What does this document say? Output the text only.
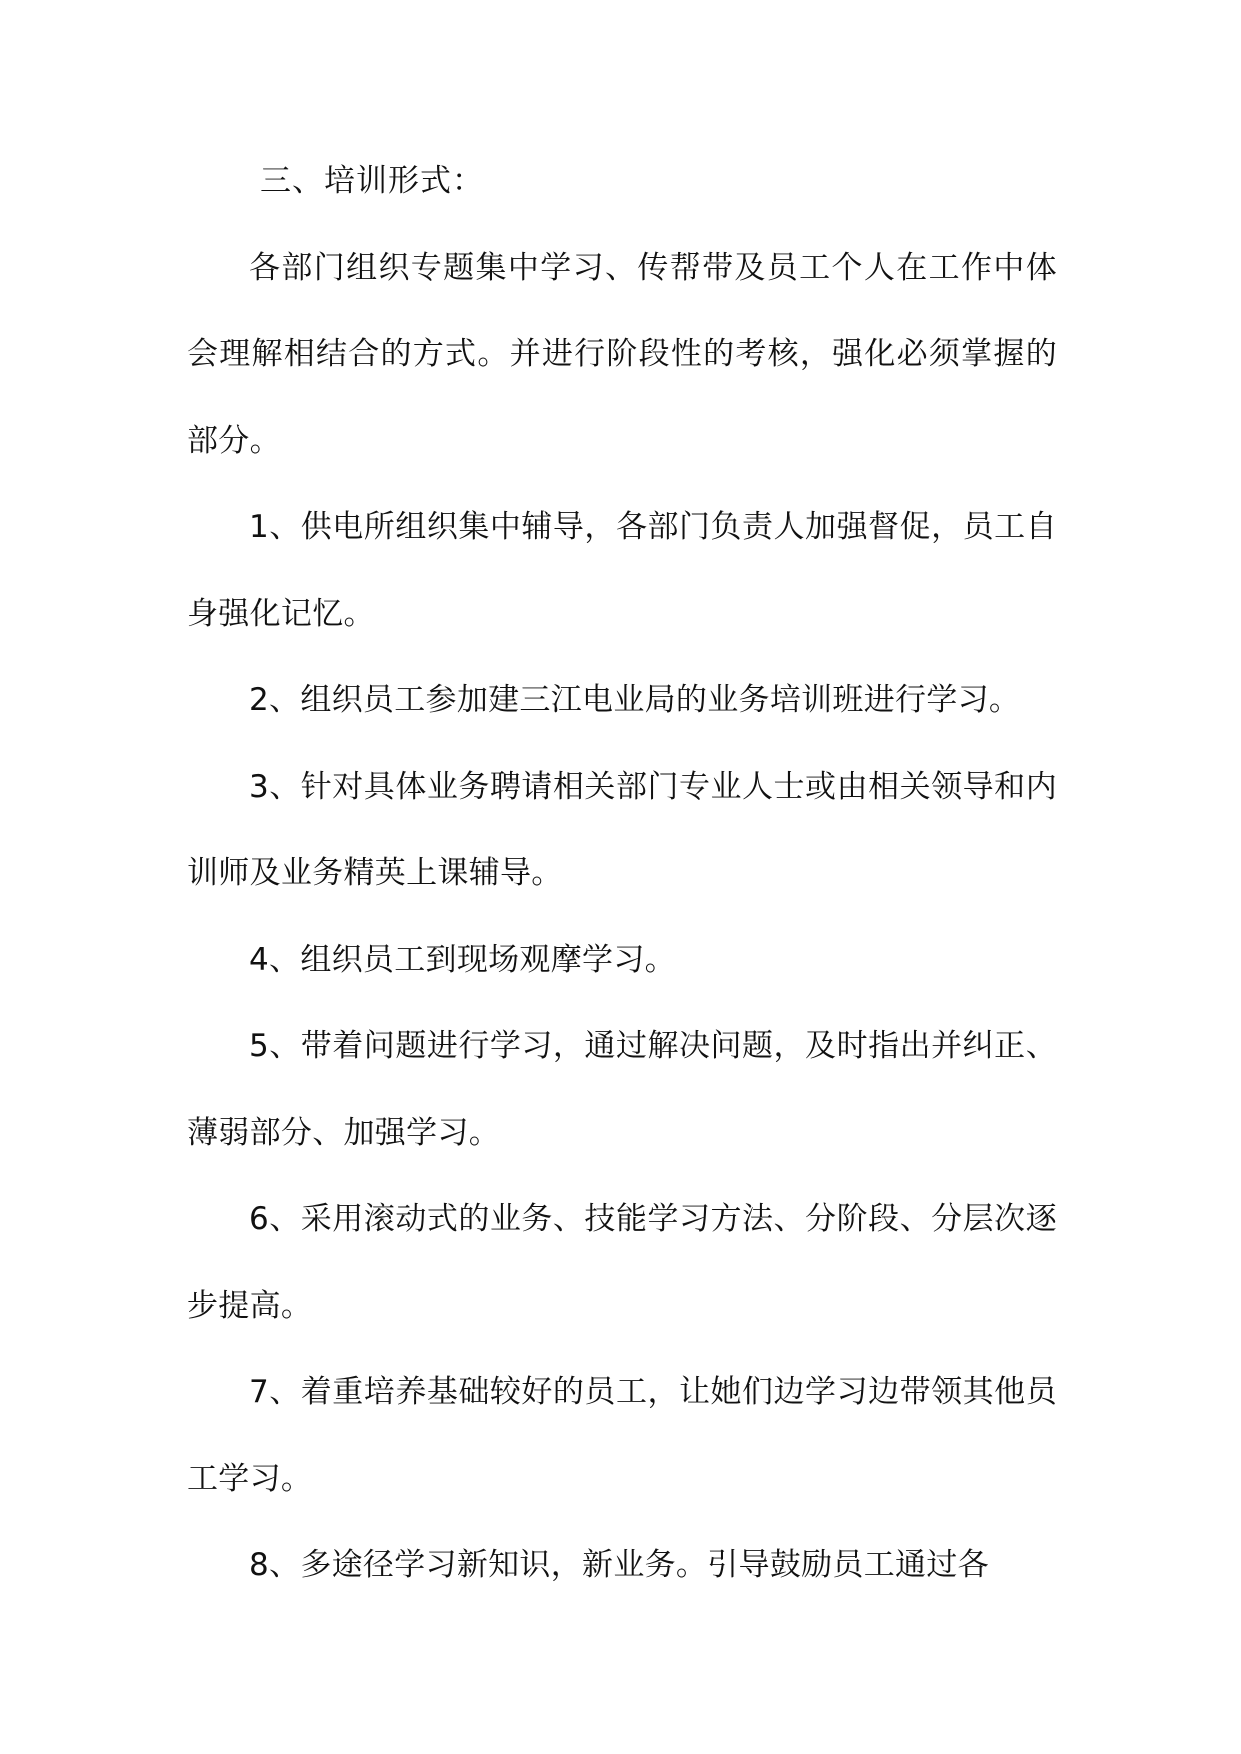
三、培训形式：

各部门组织专题集中学习、传帮带及员工个人在工作中体会理解相结合的方式。并进行阶段性的考核，强化必须掌握的部分。

1、供电所组织集中辅导，各部门负责人加强督促，员工自身强化记忆。

2、组织员工参加建三江电业局的业务培训班进行学习。

3、针对具体业务聘请相关部门专业人士或由相关领导和内训师及业务精英上课辅导。

4、组织员工到现场观摩学习。

5、带着问题进行学习，通过解决问题，及时指出并纠正、薄弱部分、加强学习。

6、采用滚动式的业务、技能学习方法、分阶段、分层次逐步提高。

7、着重培养基础较好的员工，让她们边学习边带领其他员工学习。

8、多途径学习新知识，新业务。引导鼓励员工通过各
